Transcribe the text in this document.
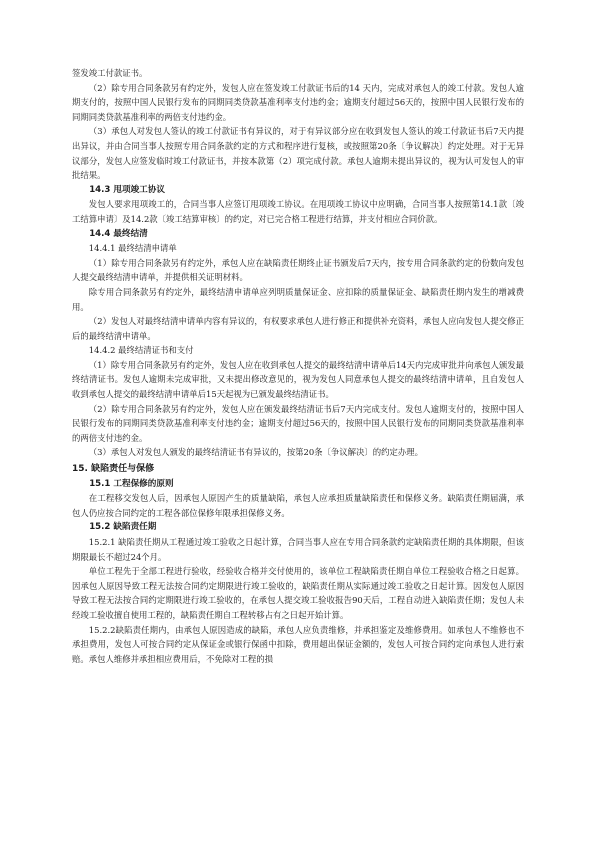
签发竣工付款证书。

（2）除专用合同条款另有约定外，发包人应在签发竣工付款证书后的14 天内，完成对承包人的竣工付款。发包人逾期支付的，按照中国人民银行发布的同期同类贷款基准利率支付违约金；逾期支付超过56天的，按照中国人民银行发布的同期同类贷款基准利率的两倍支付违约金。

（3）承包人对发包人签认的竣工付款证书有异议的，对于有异议部分应在收到发包人签认的竣工付款证书后7天内提出异议，并由合同当事人按照专用合同条款约定的方式和程序进行复核，或按照第20条〔争议解决〕约定处理。对于无异议部分，发包人应签发临时竣工付款证书，并按本款第（2）项完成付款。承包人逾期未提出异议的，视为认可发包人的审批结果。

14.3 甩项竣工协议

发包人要求甩项竣工的，合同当事人应签订甩项竣工协议。在甩项竣工协议中应明确，合同当事人按照第14.1款〔竣工结算申请〕及14.2款〔竣工结算审核〕的约定，对已完合格工程进行结算，并支付相应合同价款。

14.4 最终结清

14.4.1 最终结清申请单

（1）除专用合同条款另有约定外，承包人应在缺陷责任期终止证书颁发后7天内，按专用合同条款约定的份数向发包人提交最终结清申请单，并提供相关证明材料。

除专用合同条款另有约定外，最终结清申请单应列明质量保证金、应扣除的质量保证金、缺陷责任期内发生的增减费用。

（2）发包人对最终结清申请单内容有异议的，有权要求承包人进行修正和提供补充资料，承包人应向发包人提交修正后的最终结清申请单。

14.4.2 最终结清证书和支付

（1）除专用合同条款另有约定外，发包人应在收到承包人提交的最终结清申请单后14天内完成审批并向承包人颁发最终结清证书。发包人逾期未完成审批，又未提出修改意见的，视为发包人同意承包人提交的最终结清申请单，且自发包人收到承包人提交的最终结清申请单后15天起视为已颁发最终结清证书。

（2）除专用合同条款另有约定外，发包人应在颁发最终结清证书后7天内完成支付。发包人逾期支付的，按照中国人民银行发布的同期同类贷款基准利率支付违约金；逾期支付超过56天的，按照中国人民银行发布的同期同类贷款基准利率的两倍支付违约金。

（3）承包人对发包人颁发的最终结清证书有异议的，按第20条〔争议解决〕的约定办理。

15. 缺陷责任与保修

15.1 工程保修的原则

在工程移交发包人后，因承包人原因产生的质量缺陷，承包人应承担质量缺陷责任和保修义务。缺陷责任期届满，承包人仍应按合同约定的工程各部位保修年限承担保修义务。

15.2 缺陷责任期

15.2.1 缺陷责任期从工程通过竣工验收之日起计算，合同当事人应在专用合同条款约定缺陷责任期的具体期限，但该期限最长不超过24个月。

单位工程先于全部工程进行验收，经验收合格并交付使用的，该单位工程缺陷责任期自单位工程验收合格之日起算。因承包人原因导致工程无法按合同约定期限进行竣工验收的，缺陷责任期从实际通过竣工验收之日起计算。因发包人原因导致工程无法按合同约定期限进行竣工验收的，在承包人提交竣工验收报告90天后，工程自动进入缺陷责任期；发包人未经竣工验收擅自使用工程的，缺陷责任期自工程转移占有之日起开始计算。

15.2.2缺陷责任期内，由承包人原因造成的缺陷，承包人应负责维修，并承担鉴定及维修费用。如承包人不维修也不承担费用，发包人可按合同约定从保证金或银行保函中扣除，费用超出保证金额的，发包人可按合同约定向承包人进行索赔。承包人维修并承担相应费用后，不免除对工程的损
